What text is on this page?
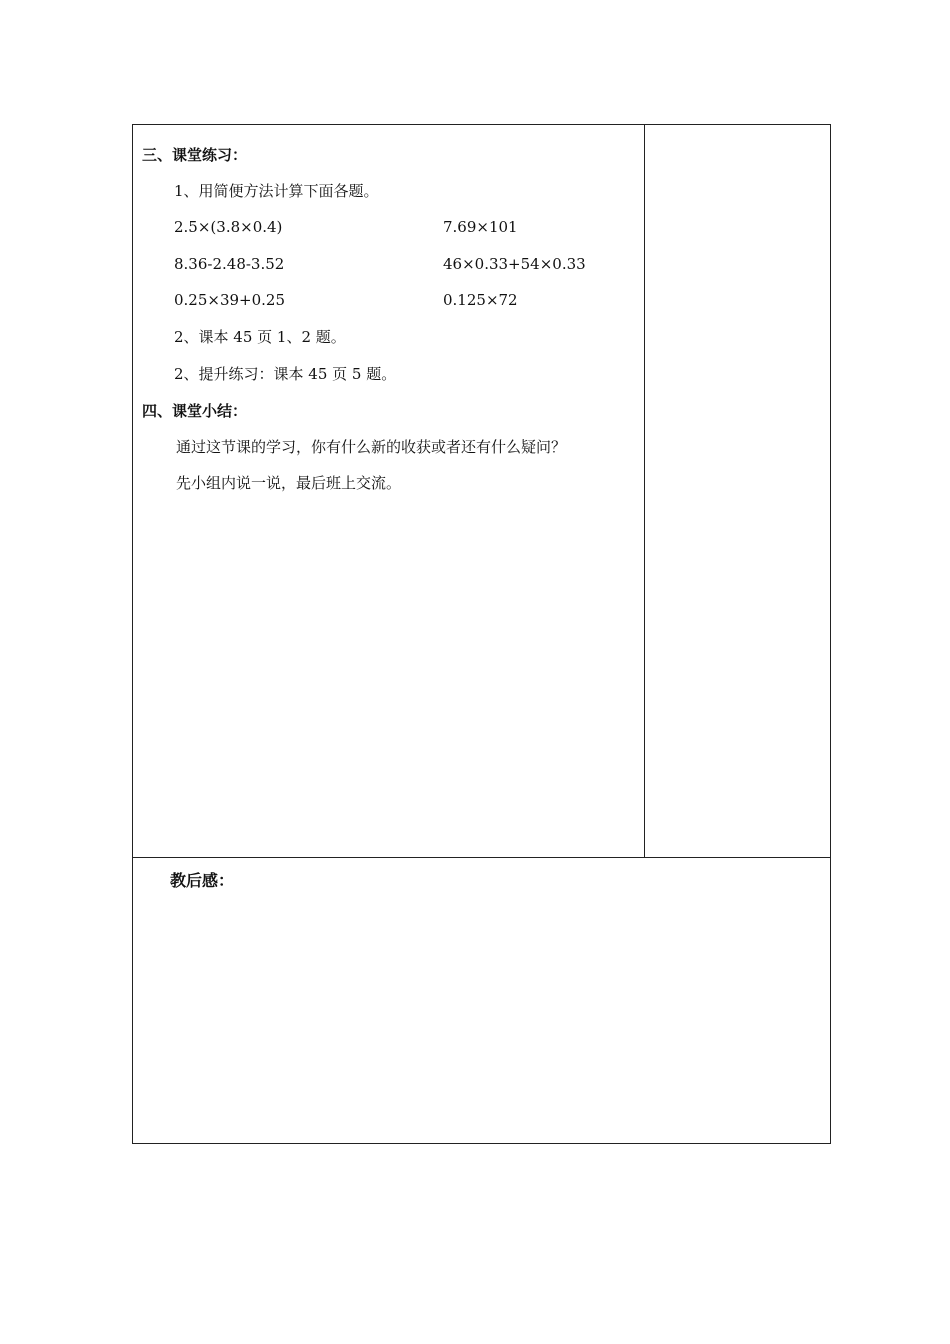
三、课堂练习：
1、用简便方法计算下面各题。
2.5×(3.8×0.4)	7.69×101
8.36-2.48-3.52	46×0.33+54×0.33
0.25×39+0.25	0.125×72
2、课本 45 页 1、2 题。
2、提升练习：课本 45 页 5 题。
四、课堂小结：
通过这节课的学习，你有什么新的收获或者还有什么疑问？
先小组内说一说，最后班上交流。
教后感：
